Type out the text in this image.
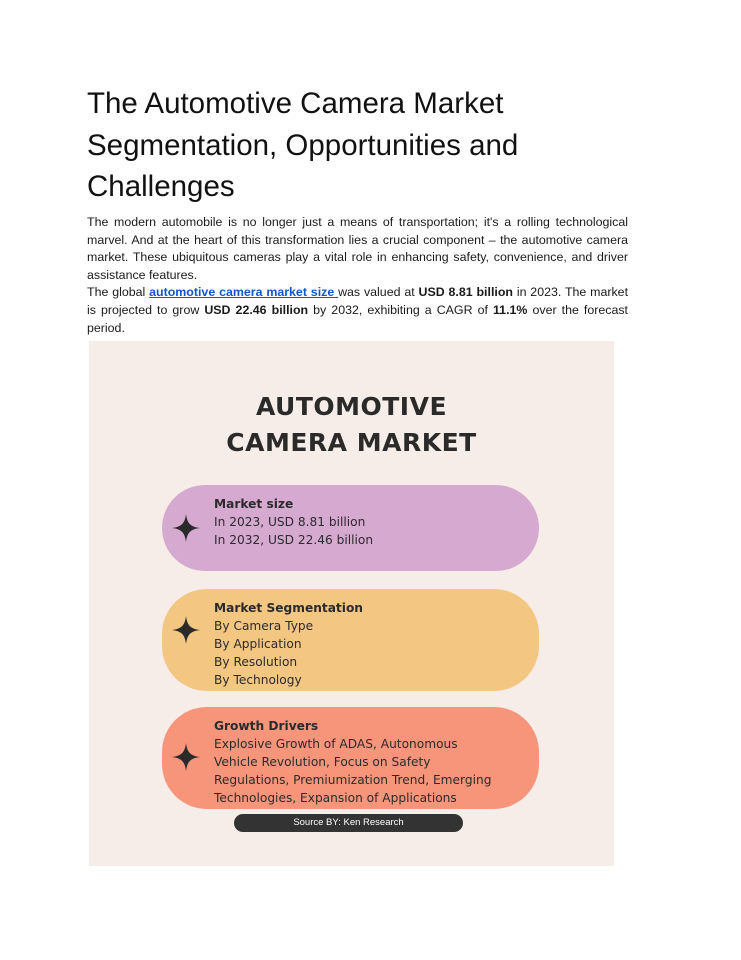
The Automotive Camera Market Segmentation, Opportunities and Challenges

The modern automobile is no longer just a means of transportation; it's a rolling technological marvel. And at the heart of this transformation lies a crucial component – the automotive camera market. These ubiquitous cameras play a vital role in enhancing safety, convenience, and driver assistance features.

The global automotive camera market size was valued at USD 8.81 billion in 2023. The market is projected to grow USD 22.46 billion by 2032, exhibiting a CAGR of 11.1% over the forecast period.

AUTOMOTIVE
CAMERA MARKET
Market size
In 2023, USD 8.81 billion
In 2032, USD 22.46 billion
Market Segmentation
By Camera Type
By Application
By Resolution
By Technology
Growth Drivers
Explosive Growth of ADAS, Autonomous
Vehicle Revolution, Focus on Safety
Regulations, Premiumization Trend, Emerging
Technologies, Expansion of Applications
Source BY: Ken Research
